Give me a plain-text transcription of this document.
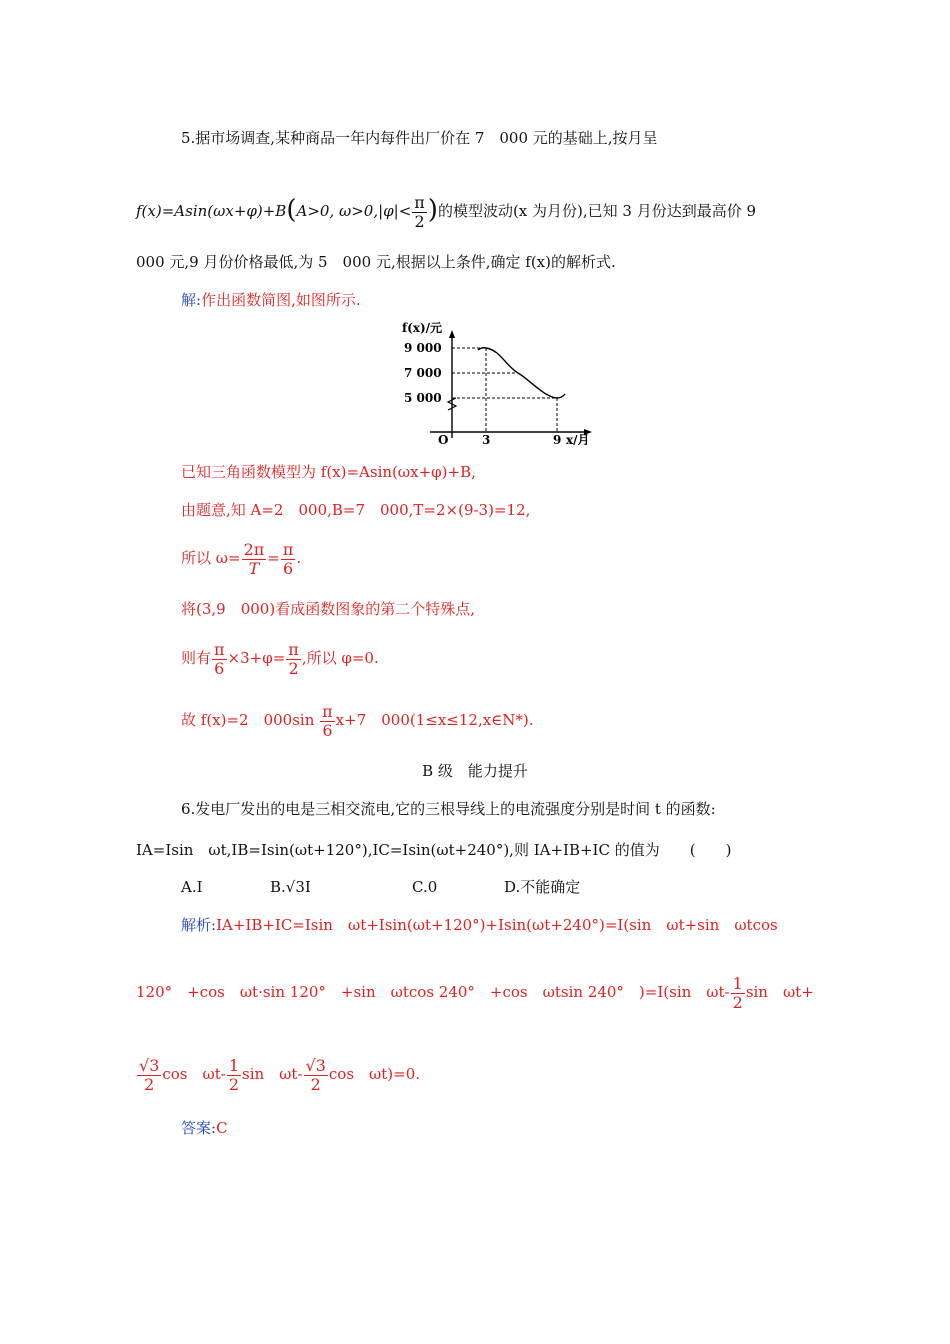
5.据市场调查,某种商品一年内每件出厂价在 7　000 元的基础上,按月呈
f(x)=Asin(ωx+φ)+B(A>0, $\omega>0,|\varphi|< \frac{\pi}{2}$ )的模型波动(x 为月份),已知 3 月份达到最高价 9
000 元,9 月份价格最低,为 5　000 元,根据以上条件,确定 f(x)的解析式.
解:作出函数简图,如图所示.
f(x)/元
9 000
7 000
5 000
O	3	9 x/月
已知三角函数模型为 f(x)=Asin(ωx+φ)+B,
由题意,知 A=2　000,B=7　000,T=2×(9-3)=12,
所以 $\omega= \frac{2\pi}{T} = \frac{\pi}{6}$ .
将(3,9　000)看成函数图象的第二个特殊点,
则有 $\frac{\pi}{6} \times 3+\varphi= \frac{\pi}{2}$ ,所以 φ=0.
故 f(x)=2　$000\sin \frac{\pi}{6} x+7$　000(1≤x≤12,x∈N*).
B 级　能力提升
6.发电厂发出的电是三相交流电,它的三根导线上的电流强度分别是时间 t 的函数:
IA=Isin　ωt,IB=Isin(ωt+120°),IC=Isin(ωt+240°),则 IA+IB+IC 的值为　　(　　)
A.I	B.√3I	C.0	D.不能确定
解析:IA+IB+IC=Isin　ωt+Isin(ωt+120°)+Isin(ωt+240°)=I(sin　ωt+sin　ωtcos
120°　+cos　ωt·sin 120°　+sin　ωtcos 240°　+cos　ωtsin 240°　)=I(sin　$\omega t- \frac{1}{2}$ sin　ωt+
$\frac{√3}{2}$ cos　$\omega t- \frac{1}{2}$ sin　$\omega t- \frac{√3}{2}$ cos　ωt)=0.
答案:C
